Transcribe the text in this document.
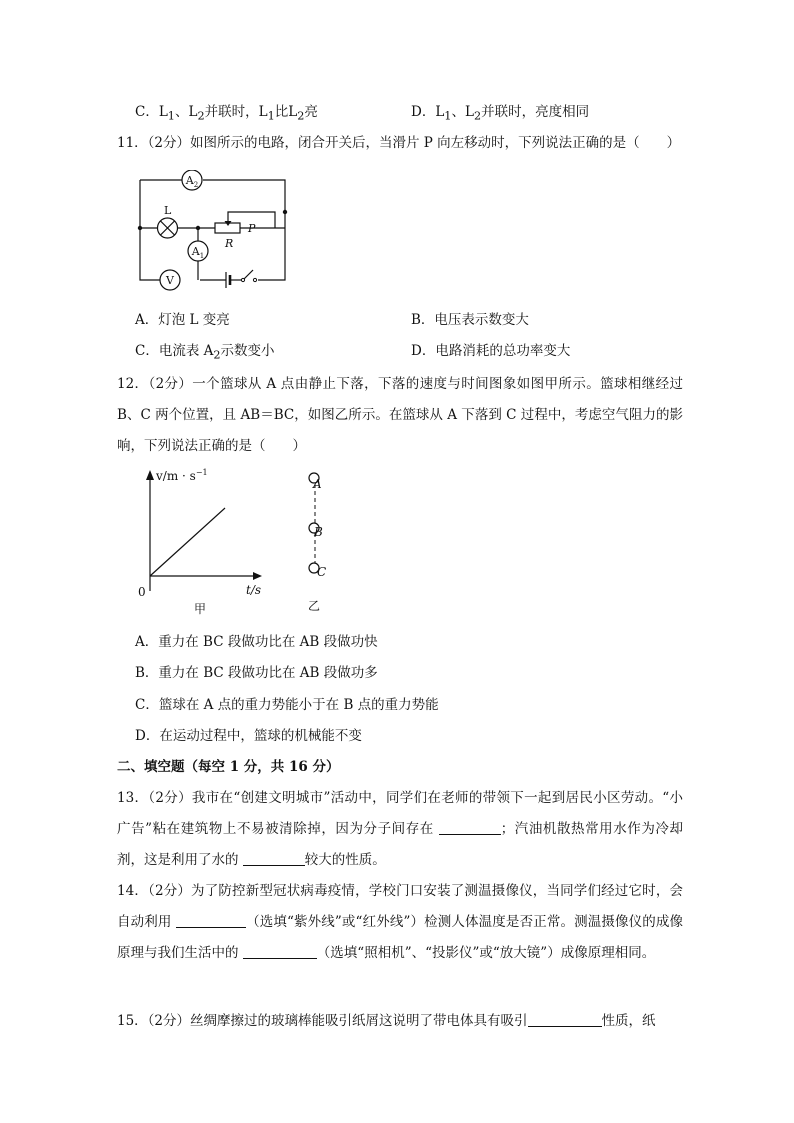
C．$L_1$、$L_2$并联时，$L_1$比$L_2$亮	D．$L_1$、$L_2$并联时，亮度相同
11．（2分）如图所示的电路，闭合开关后，当滑片 P 向左移动时，下列说法正确的是（　　）
$A_2$
L
$A_1$
V
R
P
A．灯泡 L 变亮	B．电压表示数变大
C．电流表 $A_2$示数变小	D．电路消耗的总功率变大
12．（2分）一个篮球从 A 点由静止下落，下落的速度与时间图象如图甲所示。篮球相继经过 B、C 两个位置，且 AB＝BC，如图乙所示。在篮球从 A 下落到 C 过程中，考虑空气阻力的影响，下列说法正确的是（　　）
$v/m \cdot s^{-1}$
t/s
0
甲
A
B
C
乙
A．重力在 BC 段做功比在 AB 段做功快
B．重力在 BC 段做功比在 AB 段做功多
C．篮球在 A 点的重力势能小于在 B 点的重力势能
D．在运动过程中，篮球的机械能不变
二、填空题（每空 1 分，共 16 分）
13．（2分）我市在“创建文明城市”活动中，同学们在老师的带领下一起到居民小区劳动。“小广告”粘在建筑物上不易被清除掉，因为分子间存在	；汽油机散热常用水作为冷却剂，这是利用了水的	较大的性质。
14．（2分）为了防控新型冠状病毒疫情，学校门口安装了测温摄像仪，当同学们经过它时，会自动利用	（选填“紫外线”或“红外线”）检测人体温度是否正常。测温摄像仪的成像原理与我们生活中的	（选填“照相机”、“投影仪”或“放大镜”）成像原理相同。
15．（2分）丝绸摩擦过的玻璃棒能吸引纸屑这说明了带电体具有吸引	性质，纸
